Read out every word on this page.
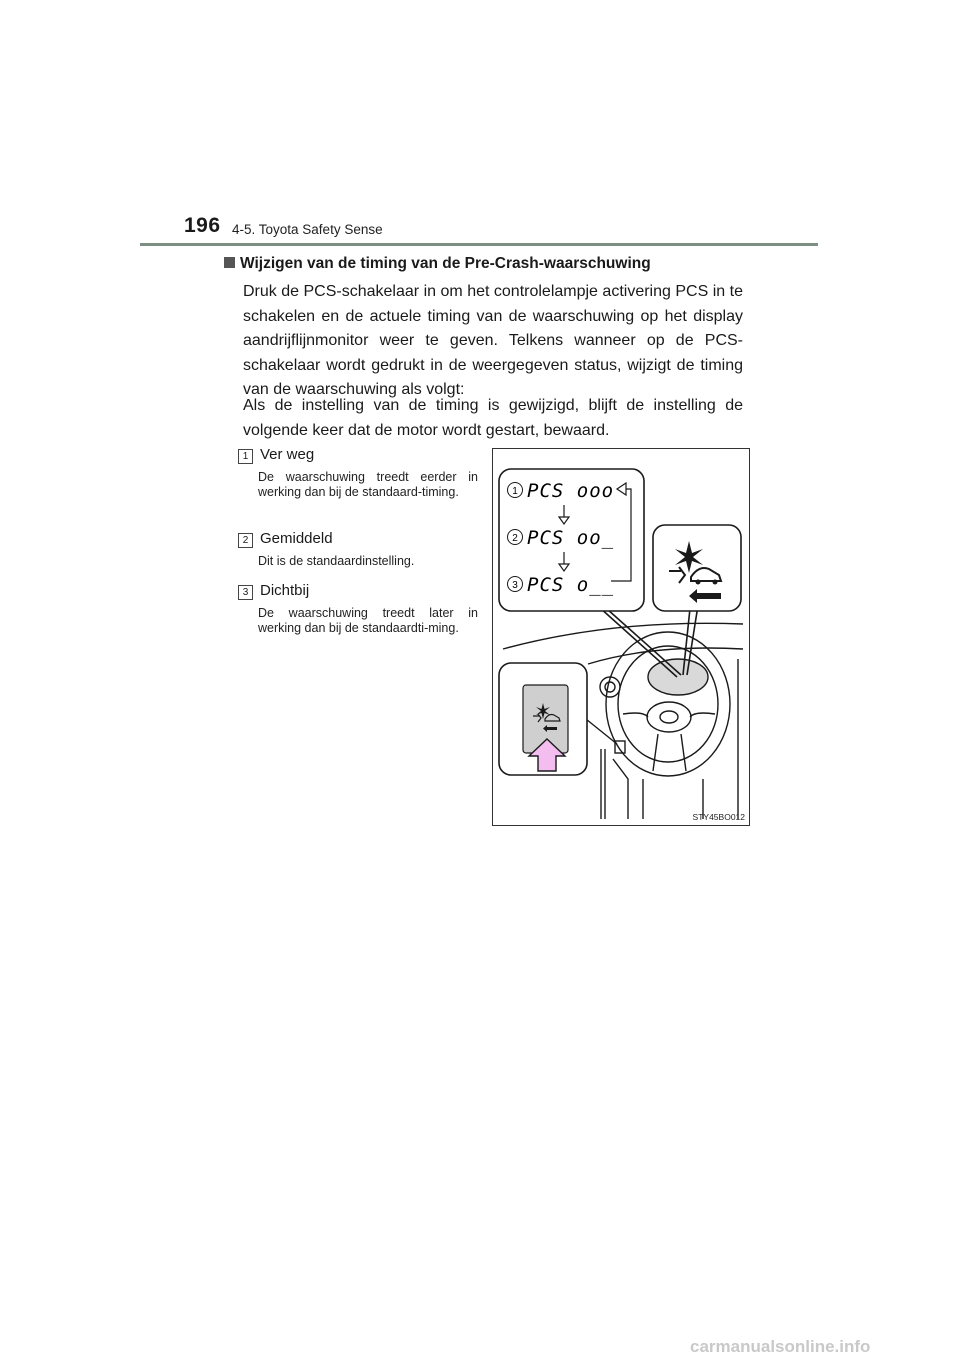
196 4-5. Toyota Safety Sense
Wijzigen van de timing van de Pre-Crash-waarschuwing
Druk de PCS-schakelaar in om het controlelampje activering PCS in te schakelen en de actuele timing van de waarschuwing op het display aandrijflijnmonitor weer te geven. Telkens wanneer op de PCS-schakelaar wordt gedrukt in de weergegeven status, wijzigt de timing van de waarschuwing als volgt:
Als de instelling van de timing is gewijzigd, blijft de instelling de volgende keer dat de motor wordt gestart, bewaard.
1 Ver weg
De waarschuwing treedt eerder in werking dan bij de standaard-timing.
2 Gemiddeld
Dit is de standaardinstelling.
3 Dichtbij
De waarschuwing treedt later in werking dan bij de standaardti-ming.
1 PCS ooo
2 PCS oo_
3 PCS o__
STY45BO012
carmanualsonline.info
